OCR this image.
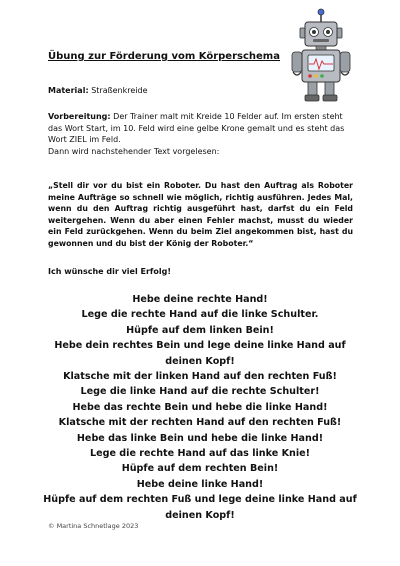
Übung zur Förderung vom Körperschema
Material: Straßenkreide
Vorbereitung: Der Trainer malt mit Kreide 10 Felder auf. Im ersten steht das Wort Start, im 10. Feld wird eine gelbe Krone gemalt und es steht das Wort ZIEL im Feld.
Dann wird nachstehender Text vorgelesen:
„Stell dir vor du bist ein Roboter. Du hast den Auftrag als Roboter meine Aufträge so schnell wie möglich, richtig ausführen. Jedes Mal, wenn du den Auftrag richtig ausgeführt hast, darfst du ein Feld weitergehen. Wenn du aber einen Fehler machst, musst du wieder ein Feld zurückgehen. Wenn du beim Ziel angekommen bist, hast du gewonnen und du bist der König der Roboter.“
Ich wünsche dir viel Erfolg!
Hebe deine rechte Hand!
Lege die rechte Hand auf die linke Schulter.
Hüpfe auf dem linken Bein!
Hebe dein rechtes Bein und lege deine linke Hand auf
deinen Kopf!
Klatsche mit der linken Hand auf den rechten Fuß!
Lege die linke Hand auf die rechte Schulter!
Hebe das rechte Bein und hebe die linke Hand!
Klatsche mit der rechten Hand auf den rechten Fuß!
Hebe das linke Bein und hebe die linke Hand!
Lege die rechte Hand auf das linke Knie!
Hüpfe auf dem rechten Bein!
Hebe deine linke Hand!
Hüpfe auf dem rechten Fuß und lege deine linke Hand auf
deinen Kopf!
© Martina Schnetlage 2023
